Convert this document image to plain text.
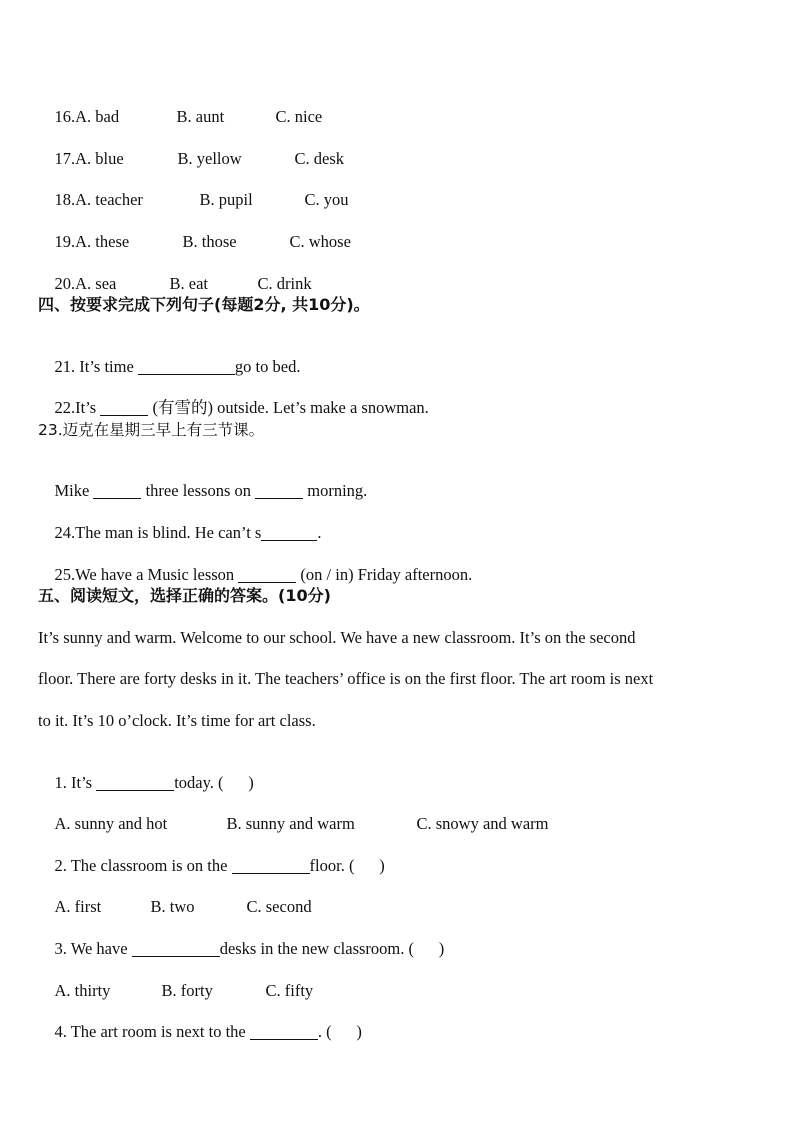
16.A. bad	B. aunt	C. nice

17.A. blue	B. yellow	C. desk

18.A. teacher	B. pupil	C. you

19.A. these	B. those	C. whose

20.A. sea	B. eat	C. drink

四、按要求完成下列句子(每题2分, 共10分)。

21. It’s time	go to bed.

22.It’s	(有雪的) outside. Let’s make a snowman.

23.迈克在星期三早上有三节课。

Mike	three lessons on	morning.

24.The man is blind. He can’t s	.

25.We have a Music lesson	(on / in) Friday afternoon.

五、阅读短文，选择正确的答案。(10分)
It’s sunny and warm. Welcome to our school. We have a new classroom. It’s on the second
floor. There are forty desks in it. The teachers’ office is on the first floor. The art room is next
to it. It’s 10 o’clock. It’s time for art class.

1. It’s	today. (      )

A. sunny and hot	B. sunny and warm	C. snowy and warm

2. The classroom is on the	floor. (      )

A. first	B. two	C. second

3. We have	desks in the new classroom. (      )

A. thirty	B. forty	C. fifty

4. The art room is next to the	. (      )
